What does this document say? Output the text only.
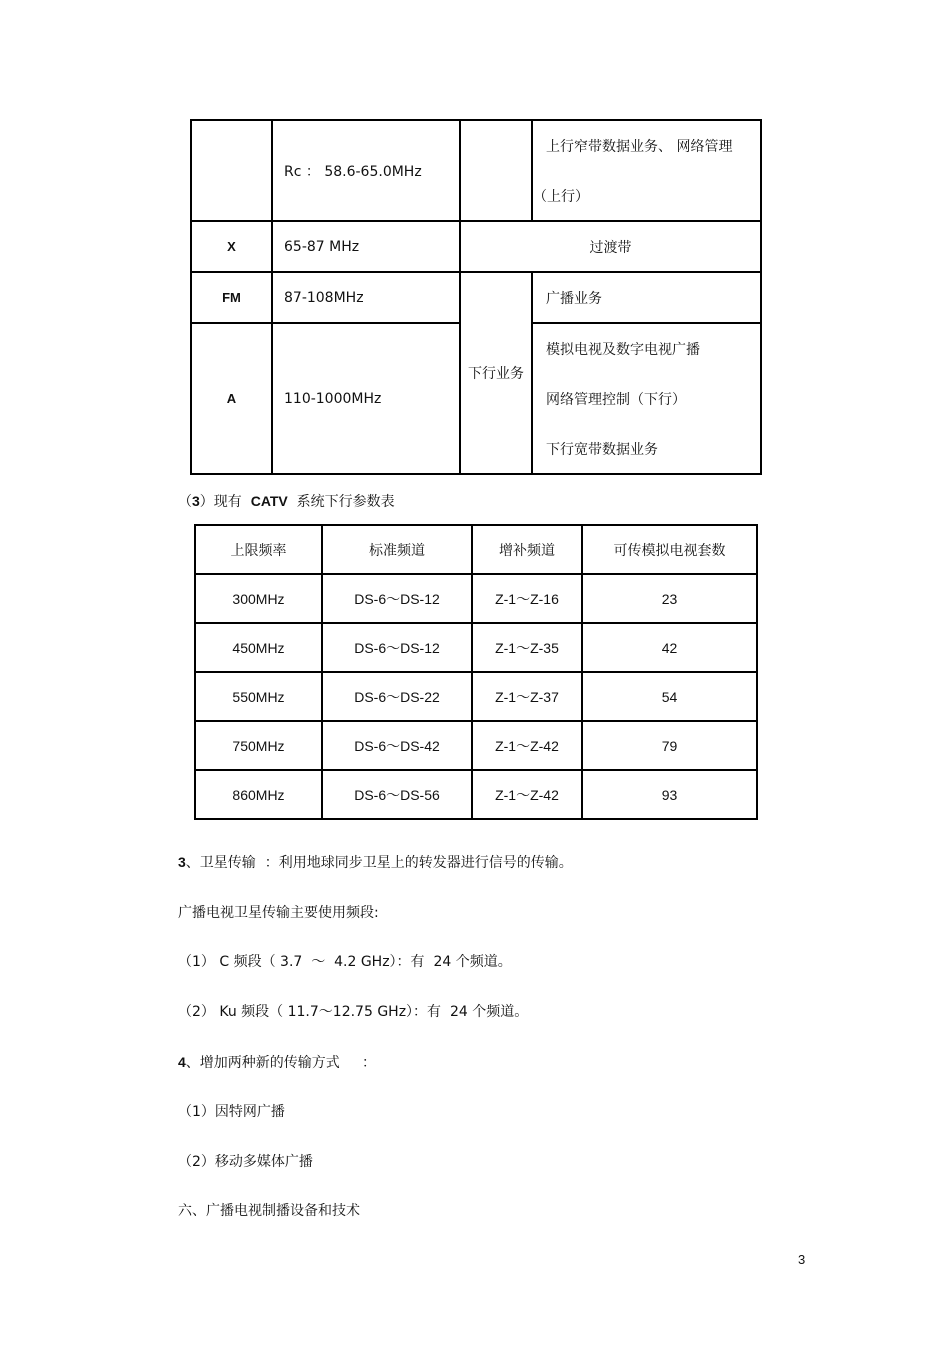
	Rc ： 58.6-65.0MHz		上行窄带数据业务、 网络管理
（上行）

X	65-87 MHz	过渡带	
FM	87-108MHz	下行业务	广播业务
A	110-1000MHz		模拟电视及数字电视广播
网络管理控制（下行）
下行宽带数据业务
（3）现有  CATV  系统下行参数表
上限频率	标准频道	增补频道	可传模拟电视套数
300MHz	DS-6～DS-12	Z-1～Z-16	23
450MHz	DS-6～DS-12	Z-1～Z-35	42
550MHz	DS-6～DS-22	Z-1～Z-37	54
750MHz	DS-6～DS-42	Z-1～Z-42	79
860MHz	DS-6～DS-56	Z-1～Z-42	93
3、卫星传输  ：利用地球同步卫星上的转发器进行信号的传输。
广播电视卫星传输主要使用频段:
（1） C 频段（ 3.7  ～  4.2 GHz）：有  24 个频道。
（2） Ku 频段（ 11.7～12.75 GHz）：有  24 个频道。
4、增加两种新的传输方式     ：
（1）因特网广播
（2）移动多媒体广播
六、广播电视制播设备和技术
3
